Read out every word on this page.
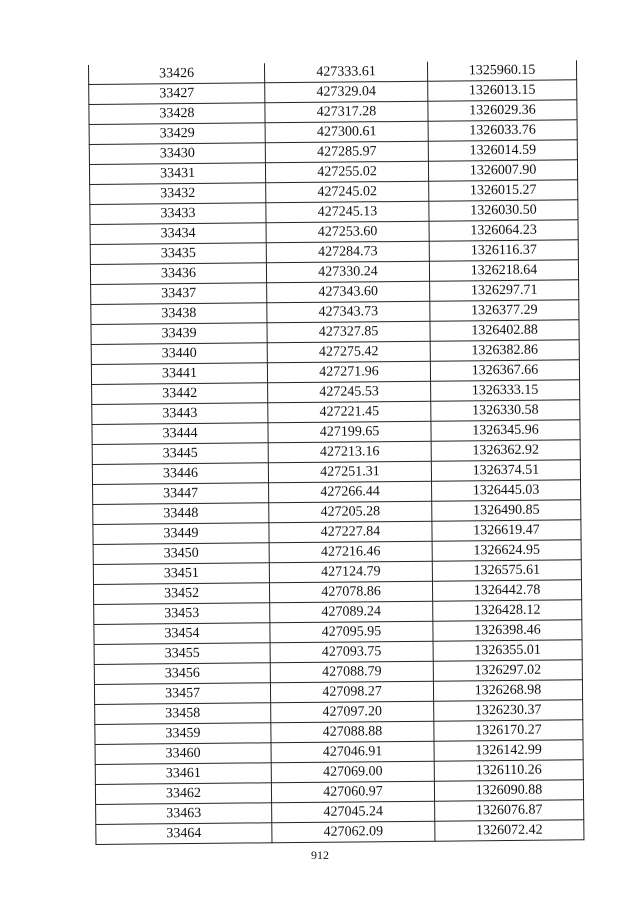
33426	427333.61	1325960.15
33427	427329.04	1326013.15
33428	427317.28	1326029.36
33429	427300.61	1326033.76
33430	427285.97	1326014.59
33431	427255.02	1326007.90
33432	427245.02	1326015.27
33433	427245.13	1326030.50
33434	427253.60	1326064.23
33435	427284.73	1326116.37
33436	427330.24	1326218.64
33437	427343.60	1326297.71
33438	427343.73	1326377.29
33439	427327.85	1326402.88
33440	427275.42	1326382.86
33441	427271.96	1326367.66
33442	427245.53	1326333.15
33443	427221.45	1326330.58
33444	427199.65	1326345.96
33445	427213.16	1326362.92
33446	427251.31	1326374.51
33447	427266.44	1326445.03
33448	427205.28	1326490.85
33449	427227.84	1326619.47
33450	427216.46	1326624.95
33451	427124.79	1326575.61
33452	427078.86	1326442.78
33453	427089.24	1326428.12
33454	427095.95	1326398.46
33455	427093.75	1326355.01
33456	427088.79	1326297.02
33457	427098.27	1326268.98
33458	427097.20	1326230.37
33459	427088.88	1326170.27
33460	427046.91	1326142.99
33461	427069.00	1326110.26
33462	427060.97	1326090.88
33463	427045.24	1326076.87
33464	427062.09	1326072.42
912
